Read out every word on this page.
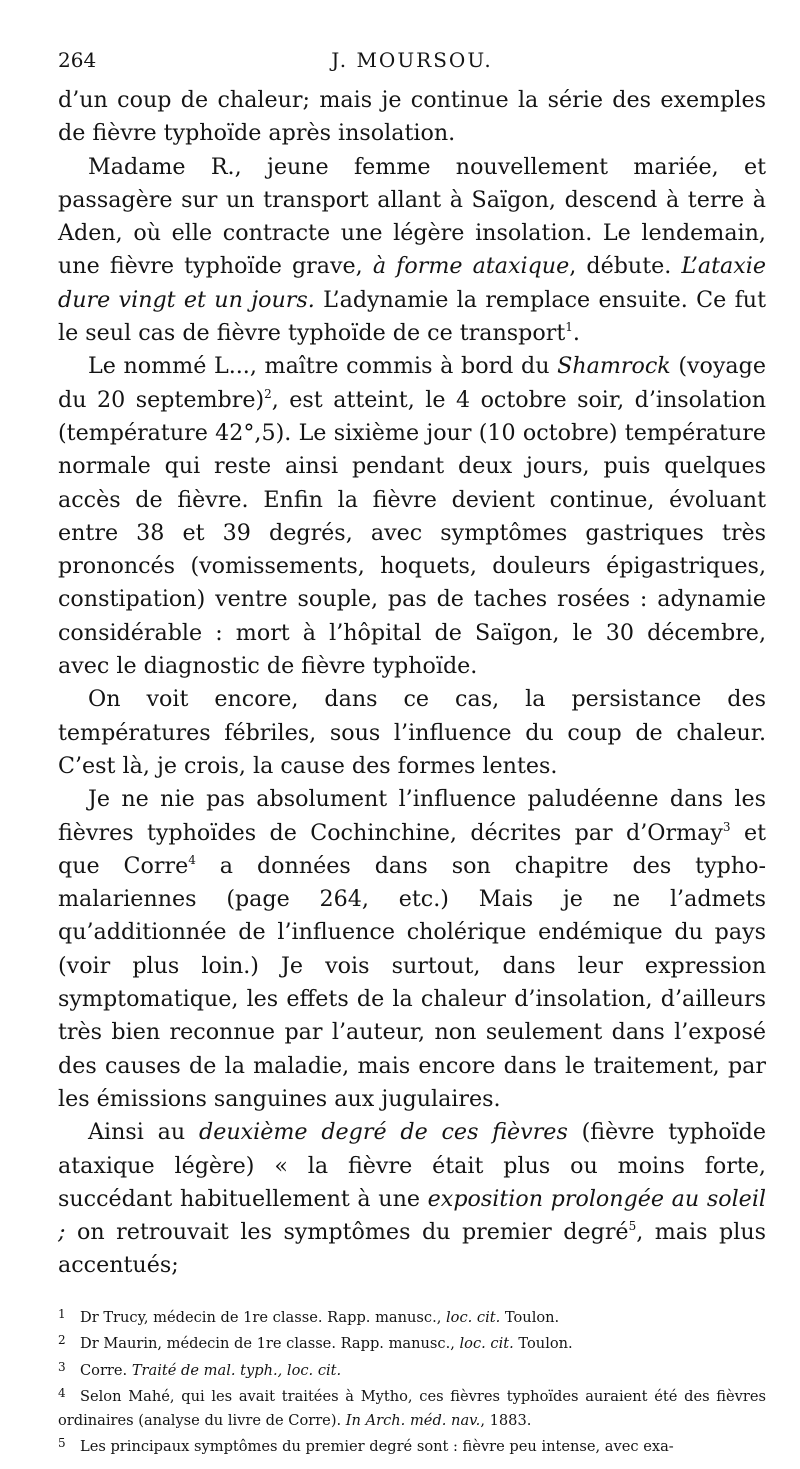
264	J. MOURSOU.

d’un coup de chaleur; mais je continue la série des exemples de fièvre typhoïde après insolation.

Madame R., jeune femme nouvellement mariée, et passagère sur un transport allant à Saïgon, descend à terre à Aden, où elle contracte une légère insolation. Le lendemain, une fièvre typhoïde grave, à forme ataxique, débute. L’ataxie dure vingt et un jours. L’adynamie la remplace ensuite. Ce fut le seul cas de fièvre typhoïde de ce transport$^1$.

Le nommé L..., maître commis à bord du Shamrock (voyage du 20 septembre)$^2$, est atteint, le 4 octobre soir, d’insolation (température 42°,5). Le sixième jour (10 octobre) température normale qui reste ainsi pendant deux jours, puis quelques accès de fièvre. Enfin la fièvre devient continue, évoluant entre 38 et 39 degrés, avec symptômes gastriques très prononcés (vomissements, hoquets, douleurs épigastriques, constipation) ventre souple, pas de taches rosées : adynamie considérable : mort à l’hôpital de Saïgon, le 30 décembre, avec le diagnostic de fièvre typhoïde.

On voit encore, dans ce cas, la persistance des températures fébriles, sous l’influence du coup de chaleur. C’est là, je crois, la cause des formes lentes.

Je ne nie pas absolument l’influence paludéenne dans les fièvres typhoïdes de Cochinchine, décrites par d’Ormay$^3$ et que Corre$^4$ a données dans son chapitre des typho-malariennes (page 264, etc.) Mais je ne l’admets qu’additionnée de l’influence cholérique endémique du pays (voir plus loin.) Je vois surtout, dans leur expression symptomatique, les effets de la chaleur d’insolation, d’ailleurs très bien reconnue par l’auteur, non seulement dans l’exposé des causes de la maladie, mais encore dans le traitement, par les émissions sanguines aux jugulaires.

Ainsi au deuxième degré de ces fièvres (fièvre typhoïde ataxique légère) « la fièvre était plus ou moins forte, succédant habituellement à une exposition prolongée au soleil ; on retrouvait les symptômes du premier degré$^5$, mais plus accentués;

1 Dr Trucy, médecin de 1re classe. Rapp. manusc., loc. cit. Toulon.

2 Dr Maurin, médecin de 1re classe. Rapp. manusc., loc. cit. Toulon.

3 Corre. Traité de mal. typh., loc. cit.

4 Selon Mahé, qui les avait traitées à Mytho, ces fièvres typhoïdes auraient été des fièvres ordinaires (analyse du livre de Corre). In Arch. méd. nav., 1883.

5 Les principaux symptômes du premier degré sont : fièvre peu intense, avec exa-
